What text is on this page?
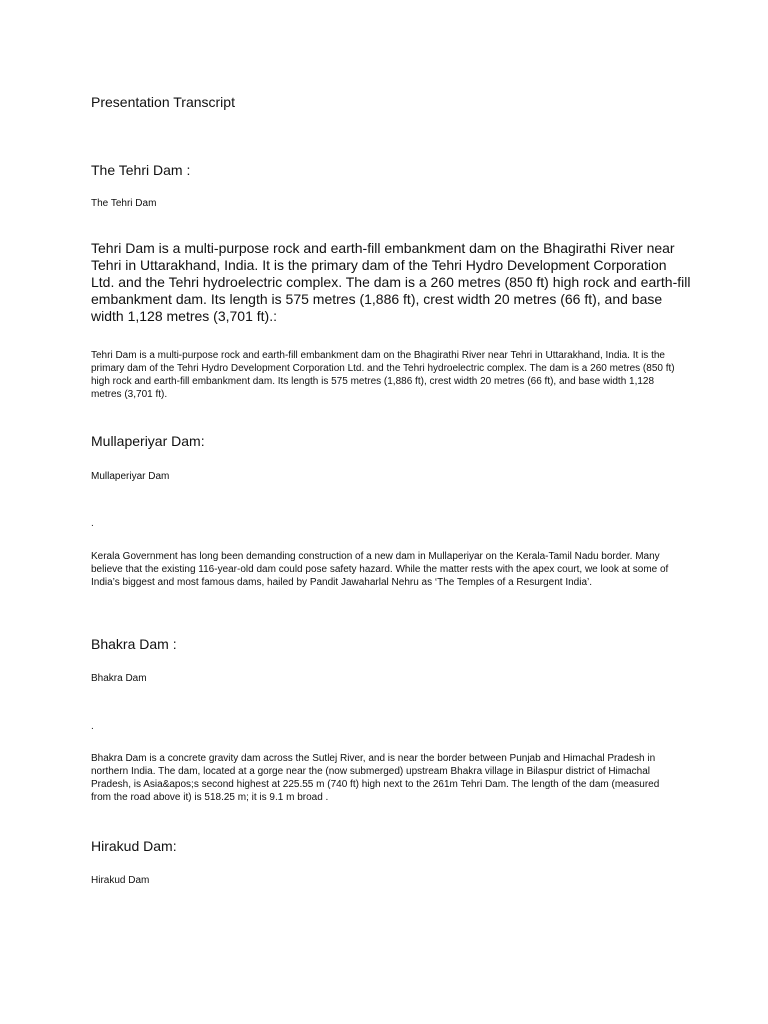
Presentation Transcript

The Tehri Dam :

The Tehri Dam

Tehri Dam is a multi-purpose rock and earth-fill embankment dam on the Bhagirathi River near Tehri in Uttarakhand, India. It is the primary dam of the Tehri Hydro Development Corporation Ltd. and the Tehri hydroelectric complex. The dam is a 260 metres (850 ft) high rock and earth-fill embankment dam. Its length is 575 metres (1,886 ft), crest width 20 metres (66 ft), and base width 1,128 metres (3,701 ft).:

Tehri Dam is a multi-purpose rock and earth-fill embankment dam on the Bhagirathi River near Tehri in Uttarakhand, India. It is the primary dam of the Tehri Hydro Development Corporation Ltd. and the Tehri hydroelectric complex. The dam is a 260 metres (850 ft) high rock and earth-fill embankment dam. Its length is 575 metres (1,886 ft), crest width 20 metres (66 ft), and base width 1,128 metres (3,701 ft).

Mullaperiyar Dam:

Mullaperiyar Dam

.

Kerala Government has long been demanding construction of a new dam in Mullaperiyar on the Kerala-Tamil Nadu border. Many believe that the existing 116-year-old dam could pose safety hazard. While the matter rests with the apex court, we look at some of India’s biggest and most famous dams, hailed by Pandit Jawaharlal Nehru as ‘The Temples of a Resurgent India’.

Bhakra Dam :

Bhakra Dam

.

Bhakra Dam is a concrete gravity dam across the Sutlej River, and is near the border between Punjab and Himachal Pradesh in northern India. The dam, located at a gorge near the (now submerged) upstream Bhakra village in Bilaspur district of Himachal Pradesh, is Asia&apos;s second highest at 225.55 m (740 ft) high next to the 261m Tehri Dam. The length of the dam (measured from the road above it) is 518.25 m; it is 9.1 m broad .

Hirakud Dam:

Hirakud Dam
